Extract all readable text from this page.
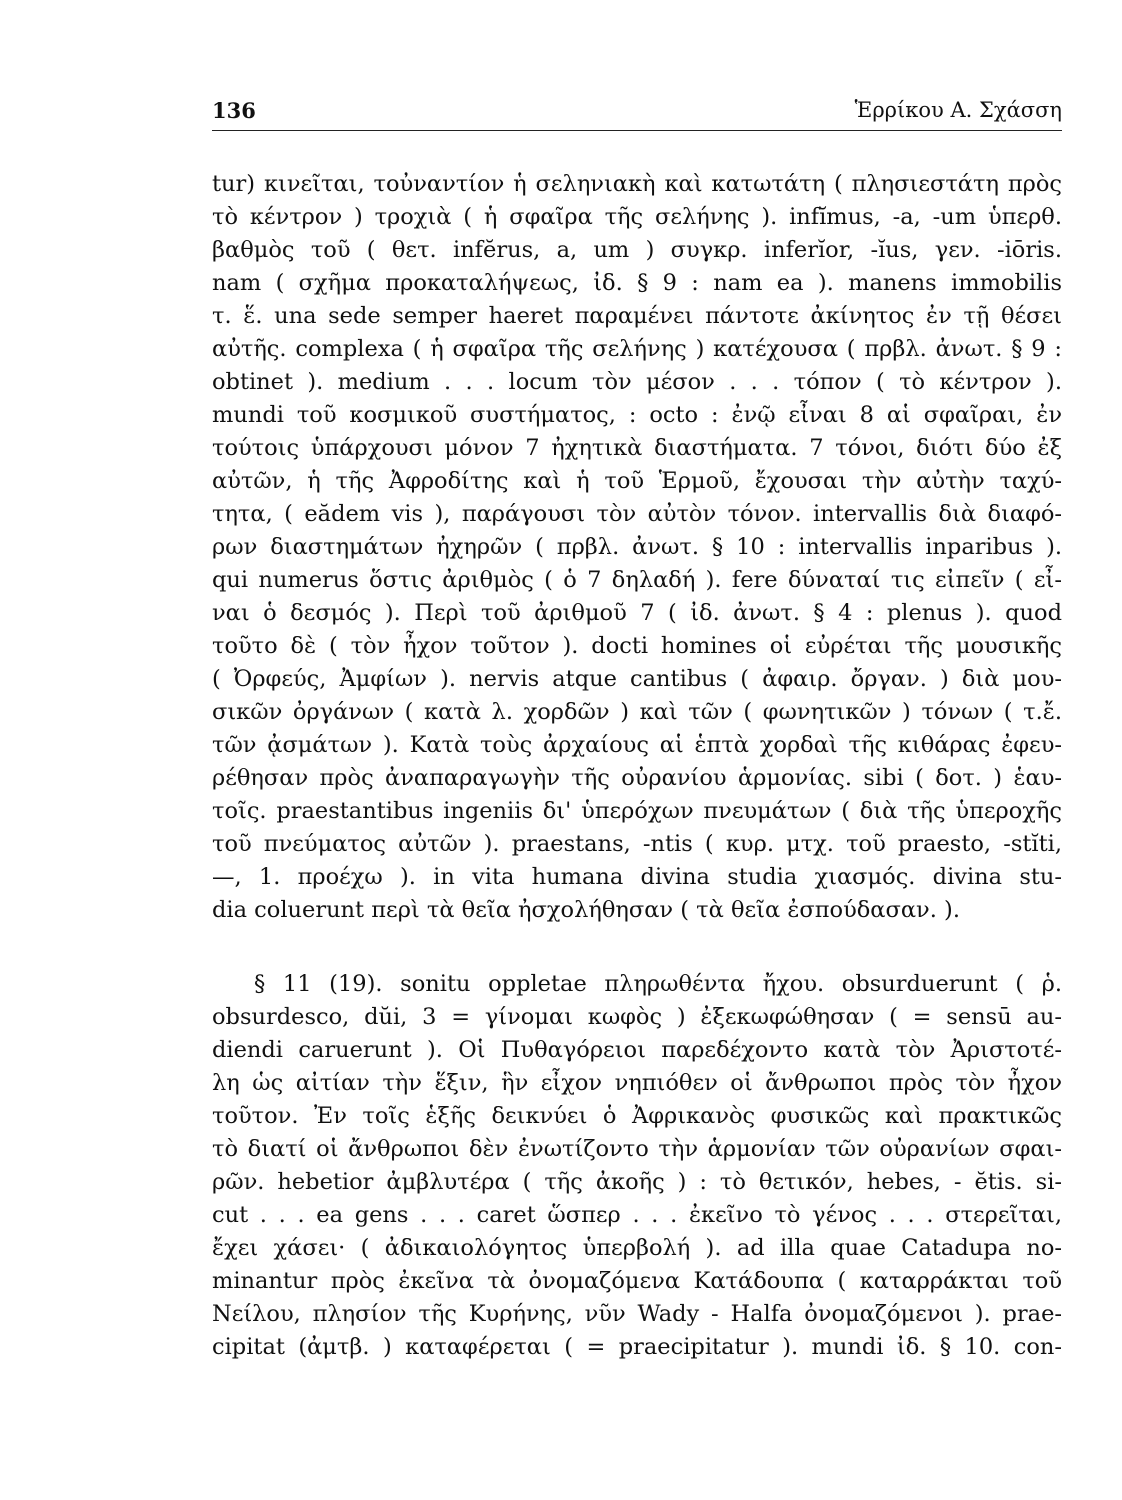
136	Ἑρρίκου Α. Σχάσση
tur) κινεῖται, τοὐναντίον ἡ σεληνιακὴ καὶ κατωτάτη ( πλησιεστάτη πρὸς
τὸ κέντρον ) τροχιὰ ( ἡ σφαῖρα τῆς σελήνης ). infĭmus, -a, -um ὑπερθ.
βαθμὸς τοῦ ( θετ. infĕrus, a, um ) συγκρ. inferĭor, -ĭus, γεν. -iōris.
nam ( σχῆμα προκαταλήψεως, ἰδ. § 9 : nam ea ). manens immobilis
τ. ἕ. una sede semper haeret παραμένει πάντοτε ἀκίνητος ἐν τῇ θέσει
αὐτῆς. complexa ( ἡ σφαῖρα τῆς σελήνης ) κατέχουσα ( πρβλ. ἀνωτ. § 9 :
obtinet ). medium . . . locum τὸν μέσον . . . τόπον ( τὸ κέντρον ).
mundi τοῦ κοσμικοῦ συστήματος, : octo : ἐνῷ εἶναι 8 αἱ σφαῖραι, ἐν
τούτοις ὑπάρχουσι μόνον 7 ἠχητικὰ διαστήματα. 7 τόνοι, διότι δύο ἐξ
αὐτῶν, ἡ τῆς Ἀφροδίτης καὶ ἡ τοῦ Ἑρμοῦ, ἔχουσαι τὴν αὐτὴν ταχύ-
τητα, ( eădem vis ), παράγουσι τὸν αὐτὸν τόνον. intervallis διὰ διαφό-
ρων διαστημάτων ἠχηρῶν ( πρβλ. ἀνωτ. § 10 : intervallis inparibus ).
qui numerus ὅστις ἀριθμὸς ( ὁ 7 δηλαδή ). fere δύναταί τις εἰπεῖν ( εἶ-
ναι ὁ δεσμός ). Περὶ τοῦ ἀριθμοῦ 7 ( ἰδ. ἀνωτ. § 4 : plenus ). quod
τοῦτο δὲ ( τὸν ἦχον τοῦτον ). docti homines οἱ εὐρέται τῆς μουσικῆς
( Ὀρφεύς, Ἀμφίων ). nervis atque cantibus ( ἀφαιρ. ὄργαν. ) διὰ μου-
σικῶν ὀργάνων ( κατὰ λ. χορδῶν ) καὶ τῶν ( φωνητικῶν ) τόνων ( τ.ἔ.
τῶν ᾀσμάτων ). Κατὰ τοὺς ἀρχαίους αἱ ἑπτὰ χορδαὶ τῆς κιθάρας ἐφευ-
ρέθησαν πρὸς ἀναπαραγωγὴν τῆς οὐρανίου ἁρμονίας. sibi ( δοτ. ) ἑαυ-
τοῖς. praestantibus ingeniis δι' ὑπερόχων πνευμάτων ( διὰ τῆς ὑπεροχῆς
τοῦ πνεύματος αὐτῶν ). praestans, -ntis ( κυρ. μτχ. τοῦ praesto, -stĭti,
—, 1. προέχω ). in vita humana divina studia χιασμός. divina stu-
dia coluerunt περὶ τὰ θεῖα ἠσχολήθησαν ( τὰ θεῖα ἐσπούδασαν. ).
§ 11 (19). sonitu oppletae πληρωθέντα ἤχου. obsurduerunt ( ῥ.
obsurdesco, dŭi, 3 = γίνομαι κωφὸς ) ἐξεκωφώθησαν ( = sensū au-
diendi caruerunt ). Οἱ Πυθαγόρειοι παρεδέχοντο κατὰ τὸν Ἀριστοτέ-
λη ὡς αἰτίαν τὴν ἕξιν, ἣν εἶχον νηπιόθεν οἱ ἄνθρωποι πρὸς τὸν ἦχον
τοῦτον. Ἐν τοῖς ἑξῆς δεικνύει ὁ Ἀφρικανὸς φυσικῶς καὶ πρακτικῶς
τὸ διατί οἱ ἄνθρωποι δὲν ἐνωτίζοντο τὴν ἁρμονίαν τῶν οὐρανίων σφαι-
ρῶν. hebetior ἀμβλυτέρα ( τῆς ἀκοῆς ) : τὸ θετικόν, hebes, - ĕtis. si-
cut . . . ea gens . . . caret ὥσπερ . . . ἐκεῖνο τὸ γένος . . . στερεῖται,
ἔχει χάσει· ( ἀδικαιολόγητος ὑπερβολή ). ad illa quae Catadupa no-
minantur πρὸς ἐκεῖνα τὰ ὀνομαζόμενα Κατάδουπα ( καταρράκται τοῦ
Νείλου, πλησίον τῆς Κυρήνης, νῦν Wady - Halfa ὀνομαζόμενοι ). prae-
cipitat (ἀμτβ. ) καταφέρεται ( = praecipitatur ). mundi ἰδ. § 10. con-
